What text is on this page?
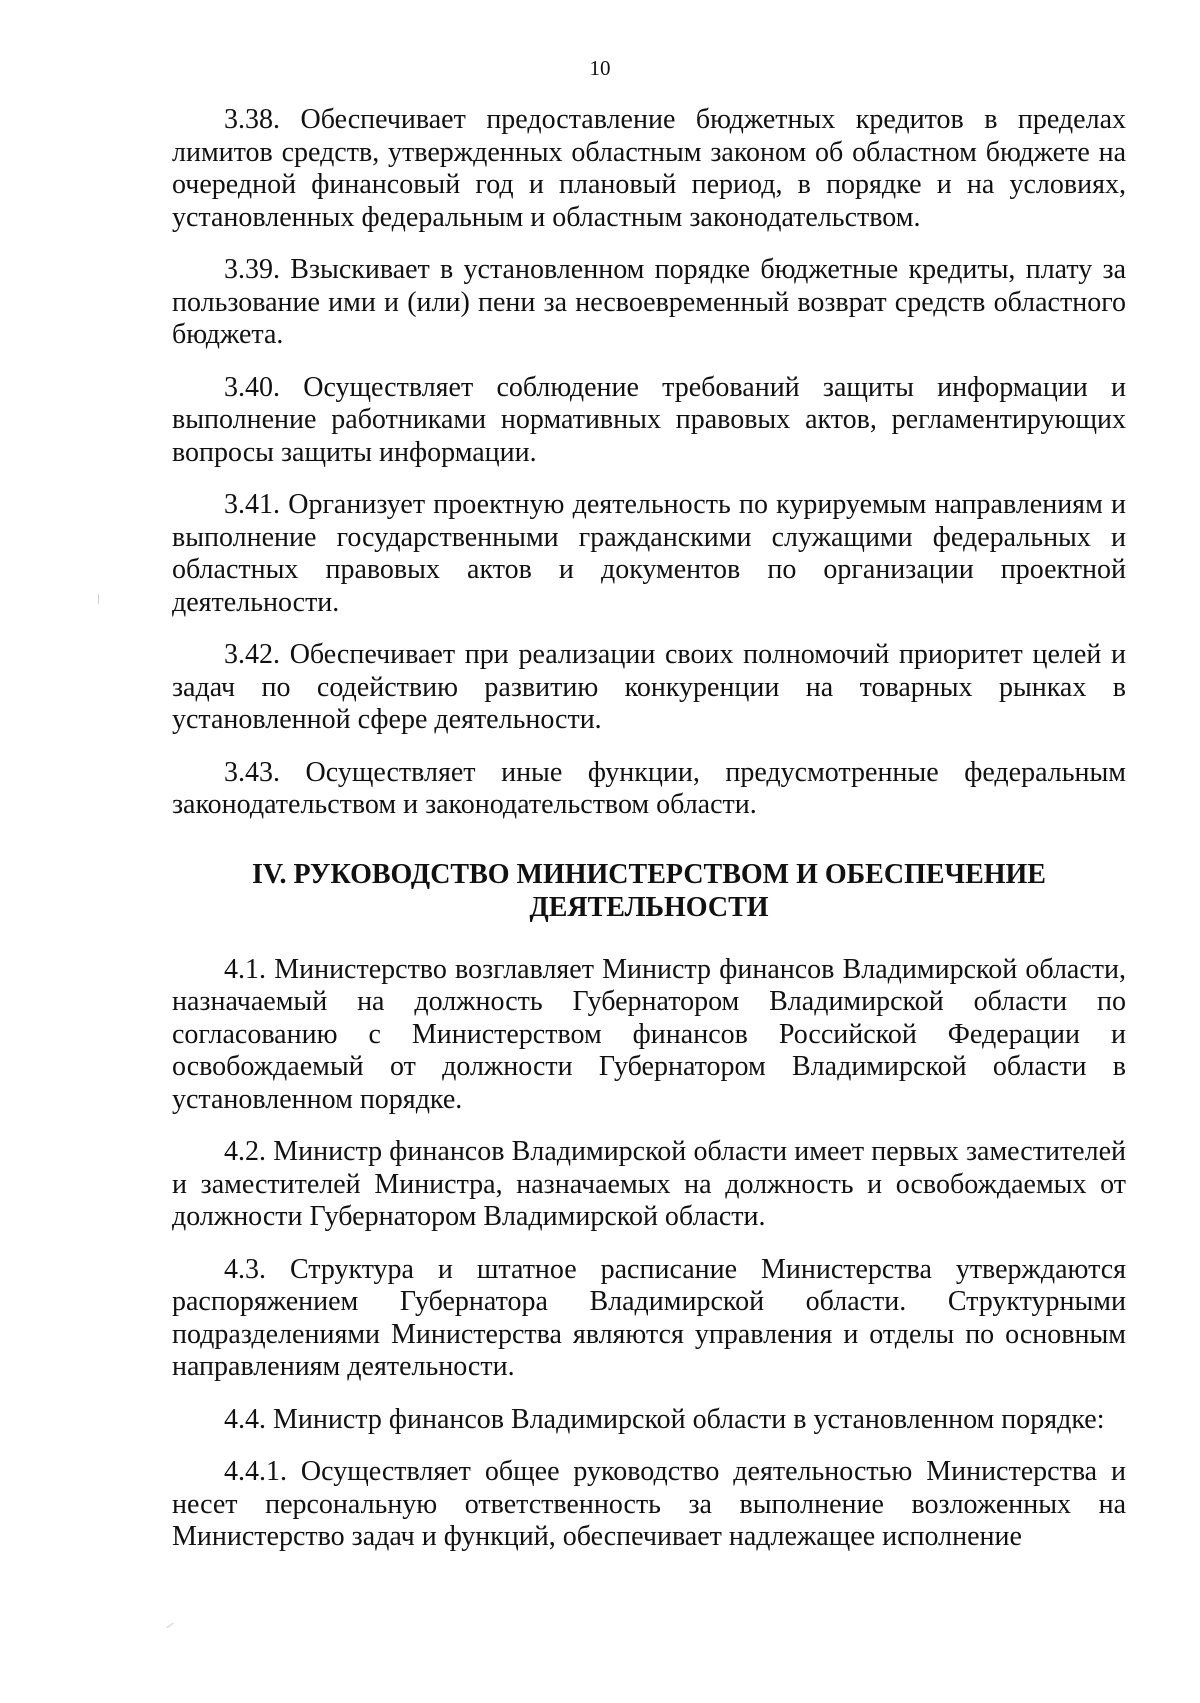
10

3.38. Обеспечивает предоставление бюджетных кредитов в пределах лимитов средств, утвержденных областным законом об областном бюджете на очередной финансовый год и плановый период, в порядке и на условиях, установленных федеральным и областным законодательством.

3.39. Взыскивает в установленном порядке бюджетные кредиты, плату за пользование ими и (или) пени за несвоевременный возврат средств областного бюджета.

3.40. Осуществляет соблюдение требований защиты информации и выполнение работниками нормативных правовых актов, регламентирующих вопросы защиты информации.

3.41. Организует проектную деятельность по курируемым направлениям и выполнение государственными гражданскими служащими федеральных и областных правовых актов и документов по организации проектной деятельности.

3.42. Обеспечивает при реализации своих полномочий приоритет целей и задач по содействию развитию конкуренции на товарных рынках в установленной сфере деятельности.

3.43. Осуществляет иные функции, предусмотренные федеральным законодательством и законодательством области.

IV. РУКОВОДСТВО МИНИСТЕРСТВОМ И ОБЕСПЕЧЕНИЕ
ДЕЯТЕЛЬНОСТИ

4.1. Министерство возглавляет Министр финансов Владимирской области, назначаемый на должность Губернатором Владимирской области по согласованию с Министерством финансов Российской Федерации и освобождаемый от должности Губернатором Владимирской области в установленном порядке.

4.2. Министр финансов Владимирской области имеет первых заместителей и заместителей Министра, назначаемых на должность и освобождаемых от должности Губернатором Владимирской области.

4.3. Структура и штатное расписание Министерства утверждаются распоряжением Губернатора Владимирской области. Структурными подразделениями Министерства являются управления и отделы по основным направлениям деятельности.

4.4. Министр финансов Владимирской области в установленном порядке:

4.4.1. Осуществляет общее руководство деятельностью Министерства и несет персональную ответственность за выполнение возложенных на Министерство задач и функций, обеспечивает надлежащее исполнение
